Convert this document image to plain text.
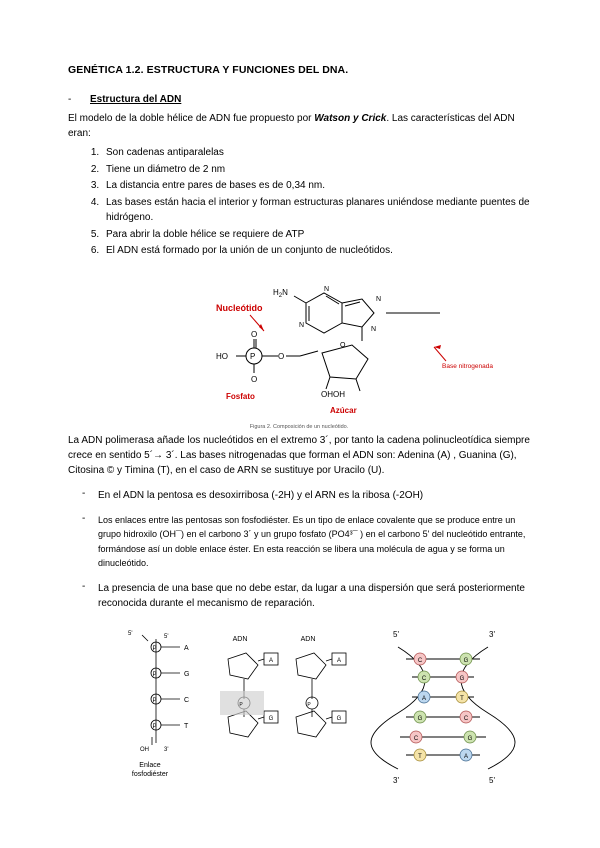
GENÉTICA 1.2. ESTRUCTURA Y FUNCIONES DEL DNA.
-	Estructura del ADN

El modelo de la doble hélice de ADN fue propuesto por Watson y Crick. Las características del ADN eran:

1. Son cadenas antiparalelas
2. Tiene un diámetro de 2 nm
3. La distancia entre pares de bases es de 0,34 nm.
4. Las bases están hacia el interior y forman estructuras planares uniéndose mediante puentes de hidrógeno.
5. Para abrir la doble hélice se requiere de ATP
6. El ADN está formado por la unión de un conjunto de nucleótidos.
$H_2N$
N
N
N
N
HO	P
O
O
O
O
OHOH
Nucleótido
Base nitrogenada
Fosfato
Azúcar
Figura 2. Composición de un nucleótido.

La ADN polimerasa añade los nucleótidos en el extremo 3´, por tanto la cadena polinucleotídica siempre crece en sentido 5´→ 3´. Las bases nitrogenadas que forman el ADN son: Adenina (A) , Guanina (G), Citosina © y Timina (T), en el caso de ARN se sustituye por Uracilo (U).

-	En el ADN la pentosa es desoxirribosa (-2H) y el ARN es la ribosa (-2OH)
-	Los enlaces entre las pentosas son fosfodiéster. Es un tipo de enlace covalente que se produce entre un grupo hidroxilo (OH¯) en el carbono 3´ y un grupo fosfato (PO4³¯ ) en el carbono 5' del nucleótido entrante, formándose así un doble enlace éster. En esta reacción se libera una molécula de agua y se forma un dinucleótido.
-	La presencia de una base que no debe estar, da lugar a una dispersión que será posteriormente reconocida durante el mecanismo de reparación.
P
P
P
P
5'
5'
OH	3'
A
G
C
T
Enlace
fosfodiéster
ADN	ADN
A
G
A
G
P	P
C	G
C	G
A	T
G	C
C	G
T	A
5'	3'
3'	5'
